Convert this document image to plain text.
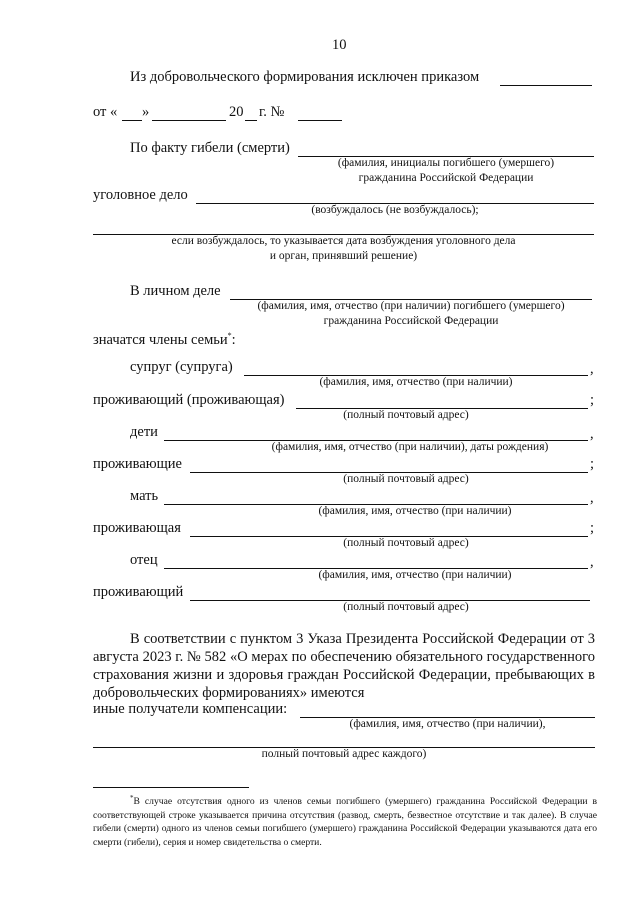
10
Из добровольческого формирования исключен приказом
от « »	20 г. №
По факту гибели (смерти)
(фамилия, инициалы погибшего (умершего)
гражданина Российской Федерации
уголовное дело
(возбуждалось (не возбуждалось);
если возбуждалось, то указывается дата возбуждения уголовного дела
и орган, принявший решение)
В личном деле
(фамилия, имя, отчество (при наличии) погибшего (умершего)
гражданина Российской Федерации
значатся члены семьи*:
супруг (супруга)	,
(фамилия, имя, отчество (при наличии)
проживающий (проживающая)	;
(полный почтовый адрес)
дети	,
(фамилия, имя, отчество (при наличии), даты рождения)
проживающие	;
(полный почтовый адрес)
мать	,
(фамилия, имя, отчество (при наличии)
проживающая	;
(полный почтовый адрес)
отец	,
(фамилия, имя, отчество (при наличии)
проживающий
(полный почтовый адрес)
В соответствии с пунктом 3 Указа Президента Российской Федерации от 3 августа 2023 г. № 582 «О мерах по обеспечению обязательного государственного страхования жизни и здоровья граждан Российской Федерации, пребывающих в добровольческих формированиях» имеются
иные получатели компенсации:
(фамилия, имя, отчество (при наличии),
полный почтовый адрес каждого)
*В случае отсутствия одного из членов семьи погибшего (умершего) гражданина Российской Федерации в соответствующей строке указывается причина отсутствия (развод, смерть, безвестное отсутствие и так далее). В случае гибели (смерти) одного из членов семьи погибшего (умершего) гражданина Российской Федерации указываются дата его смерти (гибели), серия и номер свидетельства о смерти.
